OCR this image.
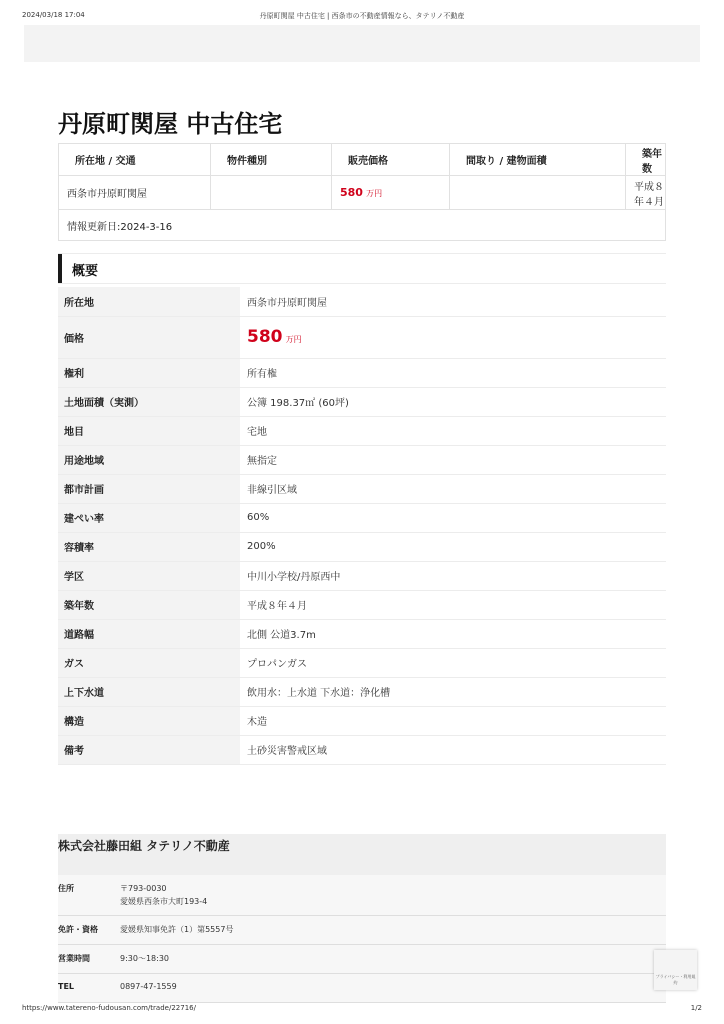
2024/03/18 17:04	丹原町関屋 中古住宅 | 西条市の不動産情報なら、タテリノ不動産
丹原町関屋 中古住宅
所在地 / 交通	物件種別	販売価格	間取り / 建物面積	築年数
西条市丹原町関屋		580 万円		平成８年４月
情報更新日:2024-3-16				
概要
所在地	西条市丹原町関屋
価格	580 万円
権利	所有権
土地面積（実測）	公簿 198.37㎡ (60坪)
地目	宅地
用途地域	無指定
都市計画	非線引区域
建ぺい率	60%
容積率	200%
学区	中川小学校/丹原西中
築年数	平成８年４月
道路幅	北側 公道3.7m
ガス	プロパンガス
上下水道	飲用水：上水道 下水道：浄化槽
構造	木造
備考	土砂災害警戒区域
株式会社藤田組 タテリノ不動産
住所	〒793-0030
愛媛県西条市大町193-4

免許・資格	愛媛県知事免許（1）第5557号
営業時間	9:30〜18:30
TEL	0897-47-1559
プライバシー・利用規約
https://www.tatereno-fudousan.com/trade/22716/	1/2
